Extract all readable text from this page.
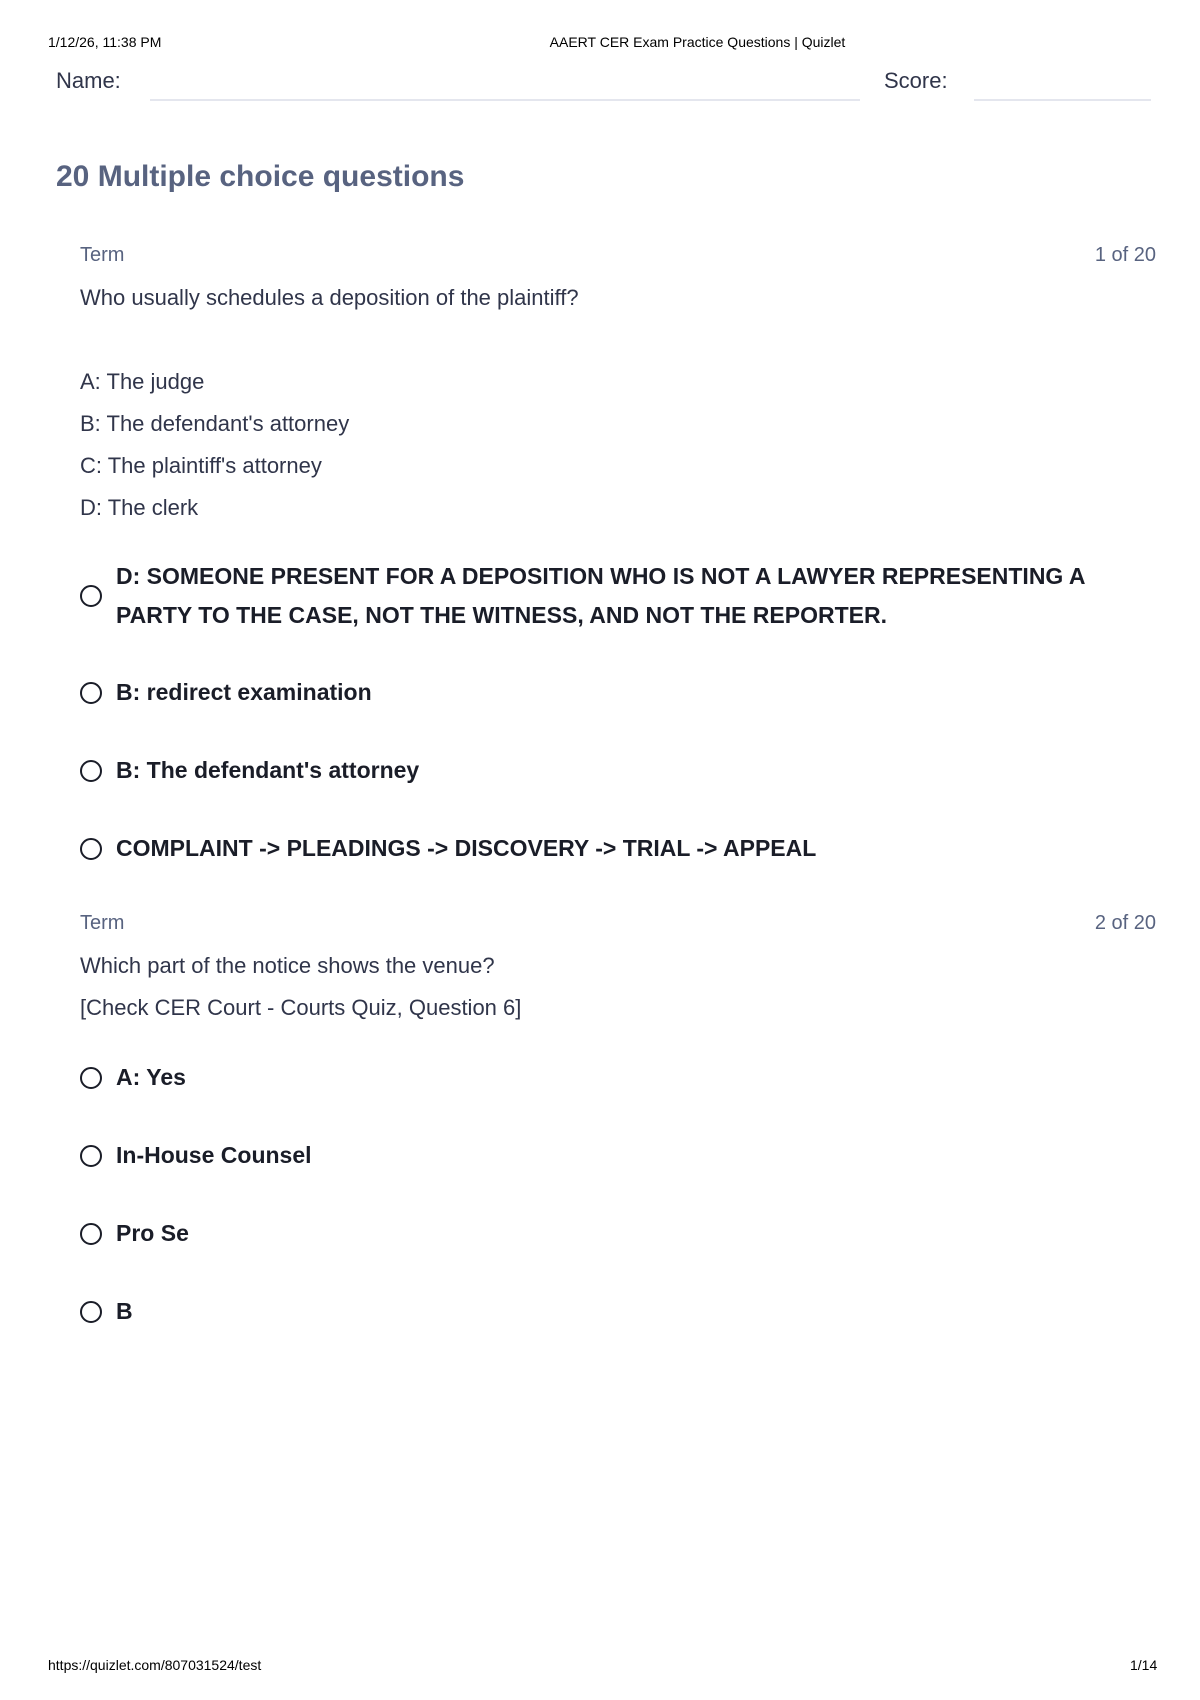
1/12/26, 11:38 PM	AAERT CER Exam Practice Questions | Quizlet
Name:	Score:
20 Multiple choice questions
Term	1 of 20

Who usually schedules a deposition of the plaintiff?

A: The judge

B: The defendant's attorney

C: The plaintiff's attorney

D: The clerk

D: SOMEONE PRESENT FOR A DEPOSITION WHO IS NOT A LAWYER REPRESENTING A
PARTY TO THE CASE, NOT THE WITNESS, AND NOT THE REPORTER.
B: redirect examination
B: The defendant's attorney
COMPLAINT -> PLEADINGS -> DISCOVERY -> TRIAL -> APPEAL
Term	2 of 20

Which part of the notice shows the venue?

[Check CER Court - Courts Quiz, Question 6]

A: Yes
In-House Counsel
Pro Se
B
https://quizlet.com/807031524/test	1/14
